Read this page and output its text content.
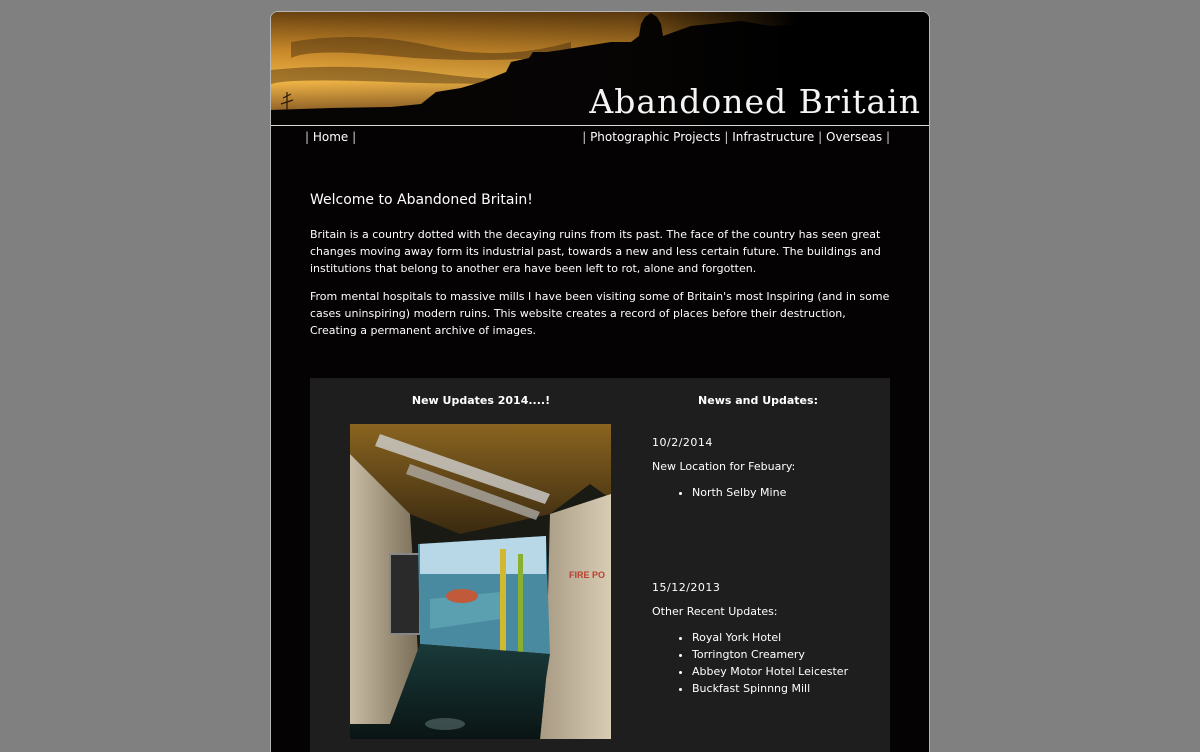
Abandoned Britain
| Home |	| Photographic Projects | Infrastructure | Overseas |
Welcome to Abandoned Britain!

Britain is a country dotted with the decaying ruins from its past. The face of the country has seen great changes moving away form its industrial past, towards a new and less certain future. The buildings and institutions that belong to another era have been left to rot, alone and forgotten.

From mental hospitals to massive mills I have been visiting some of Britain's most Inspiring (and in some cases uninspiring) modern ruins. This website creates a record of places before their destruction, Creating a permanent archive of images.

New Updates 2014....!	News and Updates:
FIRE PO
10/2/2014
New Location for Febuary:
• North Selby Mine
15/12/2013
Other Recent Updates:
• Royal York Hotel
• Torrington Creamery
• Abbey Motor Hotel Leicester
• Buckfast Spinnng Mill
